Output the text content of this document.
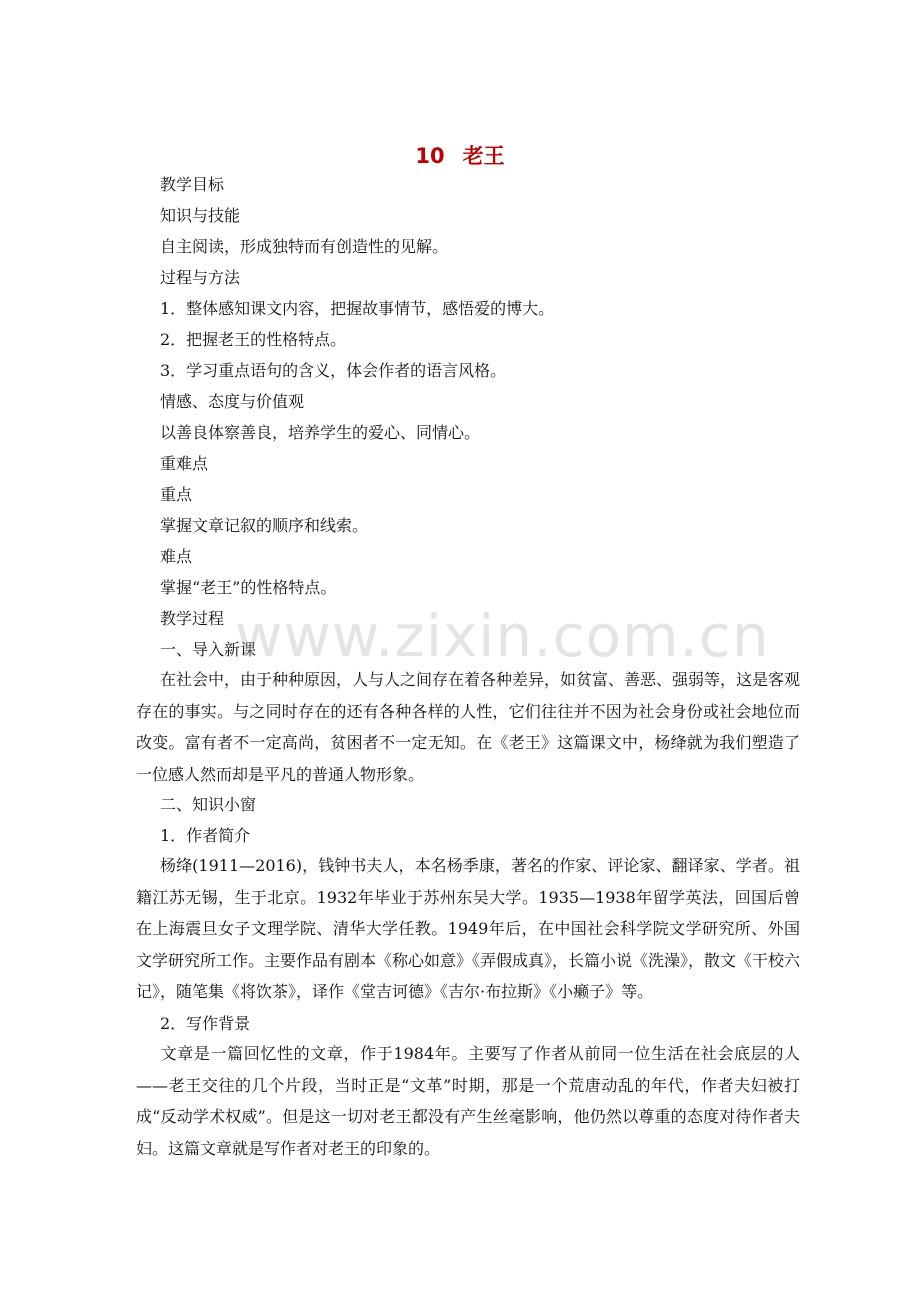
10 老王
教学目标
知识与技能
自主阅读，形成独特而有创造性的见解。
过程与方法
1．整体感知课文内容，把握故事情节，感悟爱的博大。
2．把握老王的性格特点。
3．学习重点语句的含义，体会作者的语言风格。
情感、态度与价值观
以善良体察善良，培养学生的爱心、同情心。
重难点
重点
掌握文章记叙的顺序和线索。
难点
掌握“老王”的性格特点。
教学过程
一、导入新课
在社会中，由于种种原因，人与人之间存在着各种差异，如贫富、善恶、强弱等，这是客观存在的事实。与之同时存在的还有各种各样的人性，它们往往并不因为社会身份或社会地位而改变。富有者不一定高尚，贫困者不一定无知。在《老王》这篇课文中，杨绛就为我们塑造了一位感人然而却是平凡的普通人物形象。
二、知识小窗
1．作者简介
杨绛(1911—2016)，钱钟书夫人，本名杨季康，著名的作家、评论家、翻译家、学者。祖籍江苏无锡，生于北京。1932年毕业于苏州东吴大学。1935—1938年留学英法，回国后曾在上海震旦女子文理学院、清华大学任教。1949年后，在中国社会科学院文学研究所、外国文学研究所工作。主要作品有剧本《称心如意》《弄假成真》，长篇小说《洗澡》，散文《干校六记》，随笔集《将饮茶》，译作《堂吉诃德》《吉尔·布拉斯》《小癞子》等。
2．写作背景
文章是一篇回忆性的文章，作于1984年。主要写了作者从前同一位生活在社会底层的人——老王交往的几个片段，当时正是“文革”时期，那是一个荒唐动乱的年代，作者夫妇被打成“反动学术权威”。但是这一切对老王都没有产生丝毫影响，他仍然以尊重的态度对待作者夫妇。这篇文章就是写作者对老王的印象的。
www.zixin.com.cn
